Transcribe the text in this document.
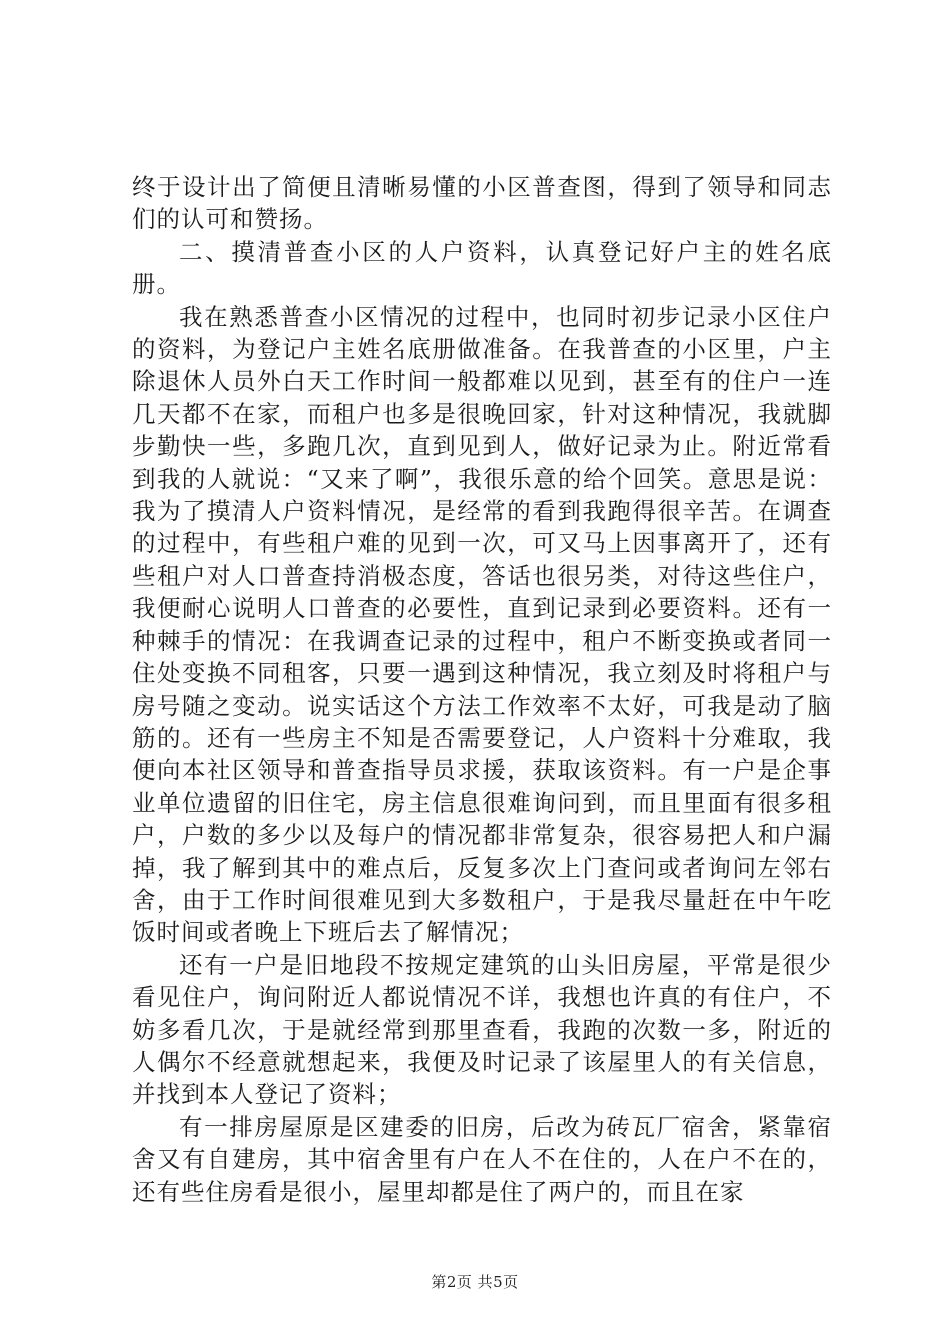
终于设计出了简便且清晰易懂的小区普查图，得到了领导和同志们的认可和赞扬。

二、摸清普查小区的人户资料，认真登记好户主的姓名底册。

我在熟悉普查小区情况的过程中，也同时初步记录小区住户的资料，为登记户主姓名底册做准备。在我普查的小区里，户主除退休人员外白天工作时间一般都难以见到，甚至有的住户一连几天都不在家，而租户也多是很晚回家，针对这种情况，我就脚步勤快一些，多跑几次，直到见到人，做好记录为止。附近常看到我的人就说：“又来了啊”，我很乐意的给个回笑。意思是说：我为了摸清人户资料情况，是经常的看到我跑得很辛苦。在调查的过程中，有些租户难的见到一次，可又马上因事离开了，还有些租户对人口普查持消极态度，答话也很另类，对待这些住户，我便耐心说明人口普查的必要性，直到记录到必要资料。还有一种棘手的情况：在我调查记录的过程中，租户不断变换或者同一住处变换不同租客，只要一遇到这种情况，我立刻及时将租户与房号随之变动。说实话这个方法工作效率不太好，可我是动了脑筋的。还有一些房主不知是否需要登记，人户资料十分难取，我便向本社区领导和普查指导员求援，获取该资料。有一户是企事业单位遗留的旧住宅，房主信息很难询问到，而且里面有很多租户，户数的多少以及每户的情况都非常复杂，很容易把人和户漏掉，我了解到其中的难点后，反复多次上门查问或者询问左邻右舍，由于工作时间很难见到大多数租户，于是我尽量赶在中午吃饭时间或者晚上下班后去了解情况；

还有一户是旧地段不按规定建筑的山头旧房屋，平常是很少看见住户，询问附近人都说情况不详，我想也许真的有住户，不妨多看几次，于是就经常到那里查看，我跑的次数一多，附近的人偶尔不经意就想起来，我便及时记录了该屋里人的有关信息，并找到本人登记了资料；

有一排房屋原是区建委的旧房，后改为砖瓦厂宿舍，紧靠宿舍又有自建房，其中宿舍里有户在人不在住的，人在户不在的，还有些住房看是很小，屋里却都是住了两户的，而且在家

第2页 共5页
